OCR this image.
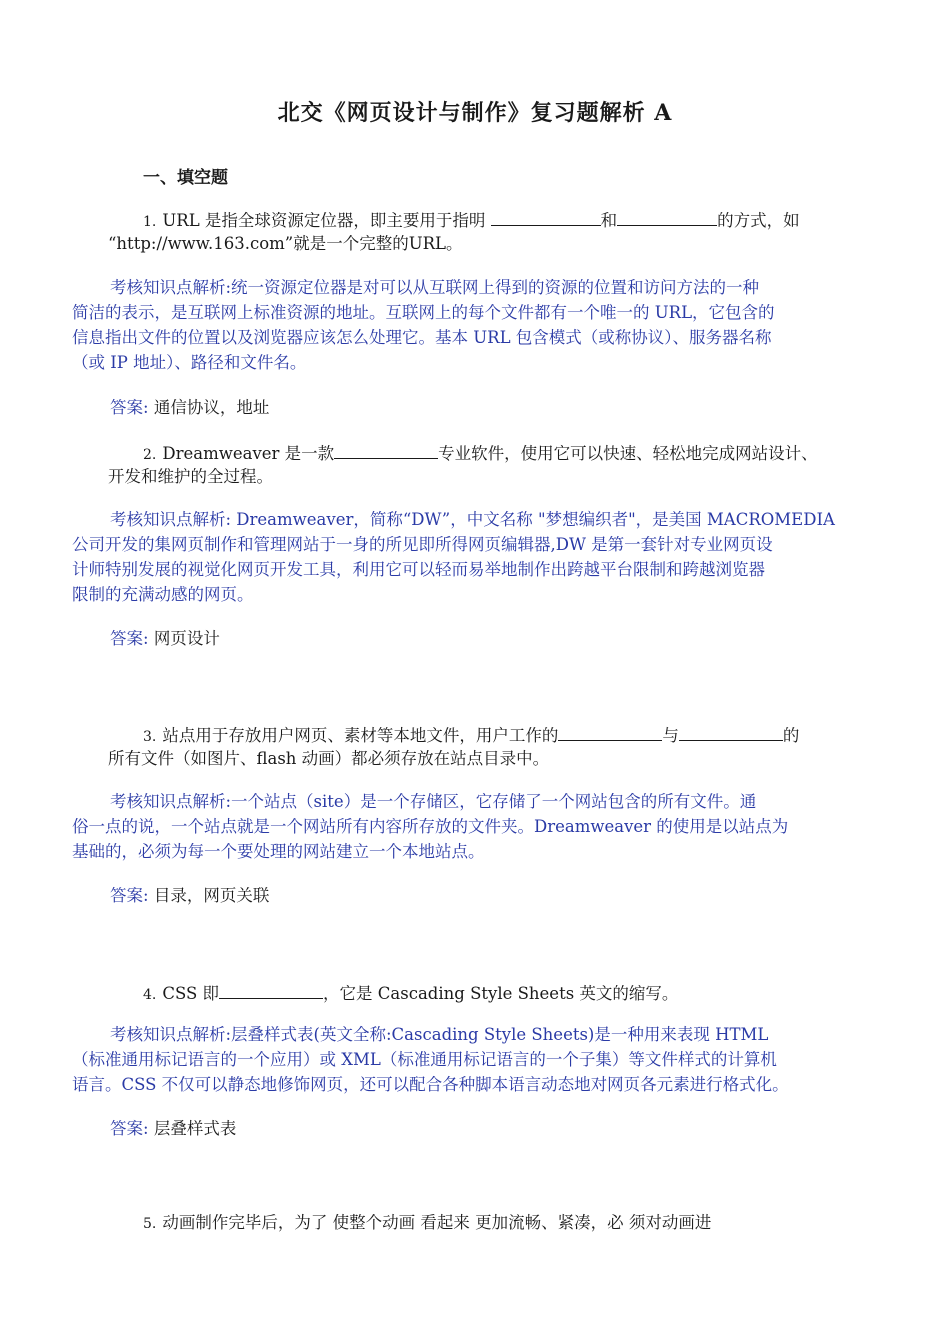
北交《网页设计与制作》复习题解析 A
一、填空题
1. URL 是指全球资源定位器，即主要用于指明	和	的方式，如
“http://www.163.com”就是一个完整的URL。
考核知识点解析:统一资源定位器是对可以从互联网上得到的资源的位置和访问方法的一种
简洁的表示，是互联网上标准资源的地址。互联网上的每个文件都有一个唯一的 URL，它包含的
信息指出文件的位置以及浏览器应该怎么处理它。基本 URL 包含模式（或称协议）、服务器名称
（或 IP 地址）、路径和文件名。
答案: 通信协议，地址
2. Dreamweaver 是一款	专业软件，使用它可以快速、轻松地完成网站设计、
开发和维护的全过程。
考核知识点解析: Dreamweaver，简称“DW”，中文名称 "梦想编织者"，是美国 MACROMEDIA
公司开发的集网页制作和管理网站于一身的所见即所得网页编辑器,DW 是第一套针对专业网页设
计师特别发展的视觉化网页开发工具，利用它可以轻而易举地制作出跨越平台限制和跨越浏览器
限制的充满动感的网页。
答案: 网页设计
3. 站点用于存放用户网页、素材等本地文件，用户工作的	与	的
所有文件（如图片、flash 动画）都必须存放在站点目录中。
考核知识点解析:一个站点（site）是一个存储区，它存储了一个网站包含的所有文件。通
俗一点的说，一个站点就是一个网站所有内容所存放的文件夹。Dreamweaver 的使用是以站点为
基础的，必须为每一个要处理的网站建立一个本地站点。
答案: 目录，网页关联
4. CSS 即	，它是 Cascading Style Sheets 英文的缩写。
考核知识点解析:层叠样式表(英文全称:Cascading Style Sheets)是一种用来表现 HTML
（标准通用标记语言的一个应用）或 XML（标准通用标记语言的一个子集）等文件样式的计算机
语言。CSS 不仅可以静态地修饰网页，还可以配合各种脚本语言动态地对网页各元素进行格式化。
答案: 层叠样式表
5. 动画制作完毕后，为了 使整个动画 看起来 更加流畅、紧凑，必 须对动画进
